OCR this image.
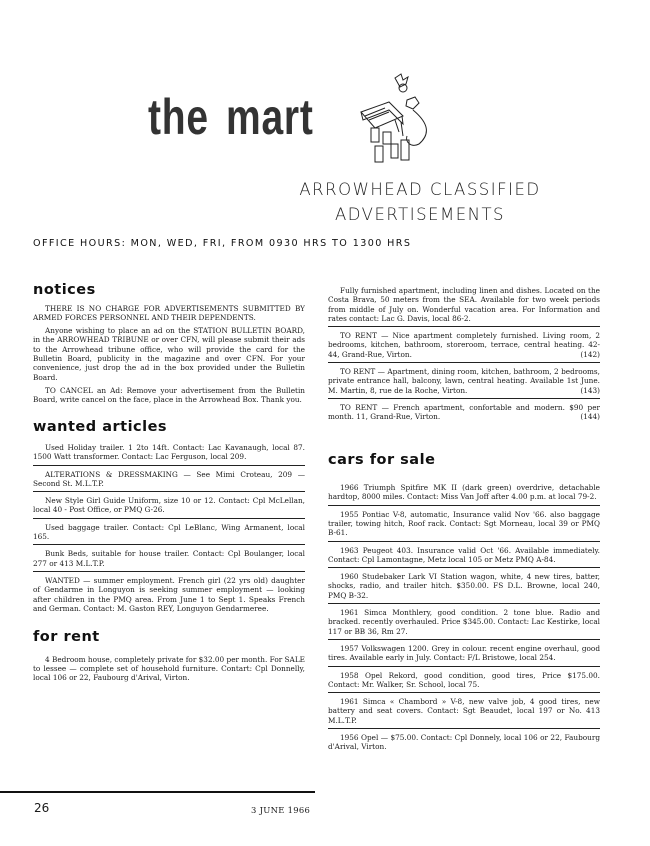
the mart
ARROWHEAD CLASSIFIED
ADVERTISEMENTS
OFFICE HOURS: MON, WED, FRI, FROM 0930 HRS TO 1300 HRS
notices

THERE IS NO CHARGE FOR ADVERTISEMENTS SUBMITTED BY ARMED FORCES PERSONNEL AND THEIR DEPENDENTS.

Anyone wishing to place an ad on the STATION BULLETIN BOARD, in the ARROWHEAD TRIBUNE or over CFN, will please submit their ads to the Arrowhead tribune office, who will provide the card for the Bulletin Board, publicity in the magazine and over CFN. For your convenience, just drop the ad in the box provided under the Bulletin Board.

TO CANCEL an Ad: Remove your advertisement from the Bulletin Board, write cancel on the face, place in the Arrowhead Box. Thank you.

wanted articles
Used Holiday trailer. 1 2to 14ft. Contact: Lac Kavanaugh, local 87. 1500 Watt transformer. Contact: Lac Ferguson, local 209.
ALTERATIONS & DRESSMAKING — See Mimi Croteau, 209 — Second St. M.L.T.P.
New Style Girl Guide Uniform, size 10 or 12. Contact: Cpl McLellan, local 40 - Post Office, or PMQ G-26.
Used baggage trailer. Contact: Cpl LeBlanc, Wing Armanent, local 165.
Bunk Beds, suitable for house trailer. Contact: Cpl Boulanger, local 277 or 413 M.L.T.P.
WANTED — summer employment. French girl (22 yrs old) daughter of Gendarme in Longuyon is seeking summer employment — looking after children in the PMQ area. From June 1 to Sept 1. Speaks French and German. Contact: M. Gaston REY, Longuyon Gendarmeree.
for rent
4 Bedroom house, completely private for $32.00 per month. For SALE to lessee — complete set of household furniture. Contart: Cpl Donnelly, local 106 or 22, Faubourg d'Arival, Virton.
Fully furnished apartment, including linen and dishes. Located on the Costa Brava, 50 meters from the SEA. Available for two week periods from middle of July on. Wonderful vacation area. For Information and rates contact: Lac G. Davis, local 86-2.
TO RENT — Nice apartment completely furnished. Living room, 2 bedrooms, kitchen, bathroom, storeroom, terrace, central heating. 42-44, Grand-Rue, Virton.	(142)
TO RENT — Apartment, dining room, kitchen, bathroom, 2 bedrooms, private entrance hall, balcony, lawn, central heating. Available 1st June. M. Martin, 8, rue de la Roche, Virton.	(143)
TO RENT — French apartment, confortable and modern. $90 per month. 11, Grand-Rue, Virton.	(144)
cars for sale
1966 Triumph Spitfire MK II (dark green) overdrive, detachable hardtop, 8000 miles. Contact: Miss Van Joff after 4.00 p.m. at local 79-2.
1955 Pontiac V-8, automatic, Insurance valid Nov '66. also baggage trailer, towing hitch, Roof rack. Contact: Sgt Morneau, local 39 or PMQ B-61.
1963 Peugeot 403. Insurance valid Oct '66. Available immediately. Contact: Cpl Lamontagne, Metz local 105 or Metz PMQ A-84.
1960 Studebaker Lark VI Station wagon, white, 4 new tires, batter, shocks, radio, and trailer hitch. $350.00. FS D.L. Browne, local 240, PMQ B-32.
1961 Simca Monthlery, good condition. 2 tone blue. Radio and bracked. recently overhauled. Price $345.00. Contact: Lac Kestirke, local 117 or BB 36, Rm 27.
1957 Volkswagen 1200. Grey in colour. recent engine overhaul, good tires. Available early in July. Contact: F/L Bristowe, local 254.
1958 Opel Rekord, good condition, good tires, Price $175.00. Contact: Mr. Walker, Sr. School, local 75.
1961 Simca « Chambord » V-8, new valve job, 4 good tires, new battery and seat covers. Contact: Sgt Beaudet, local 197 or No. 413 M.L.T.P.
1956 Opel — $75.00. Contact: Cpl Donnely, local 106 or 22, Faubourg d'Arival, Virton.
26	3 JUNE 1966
